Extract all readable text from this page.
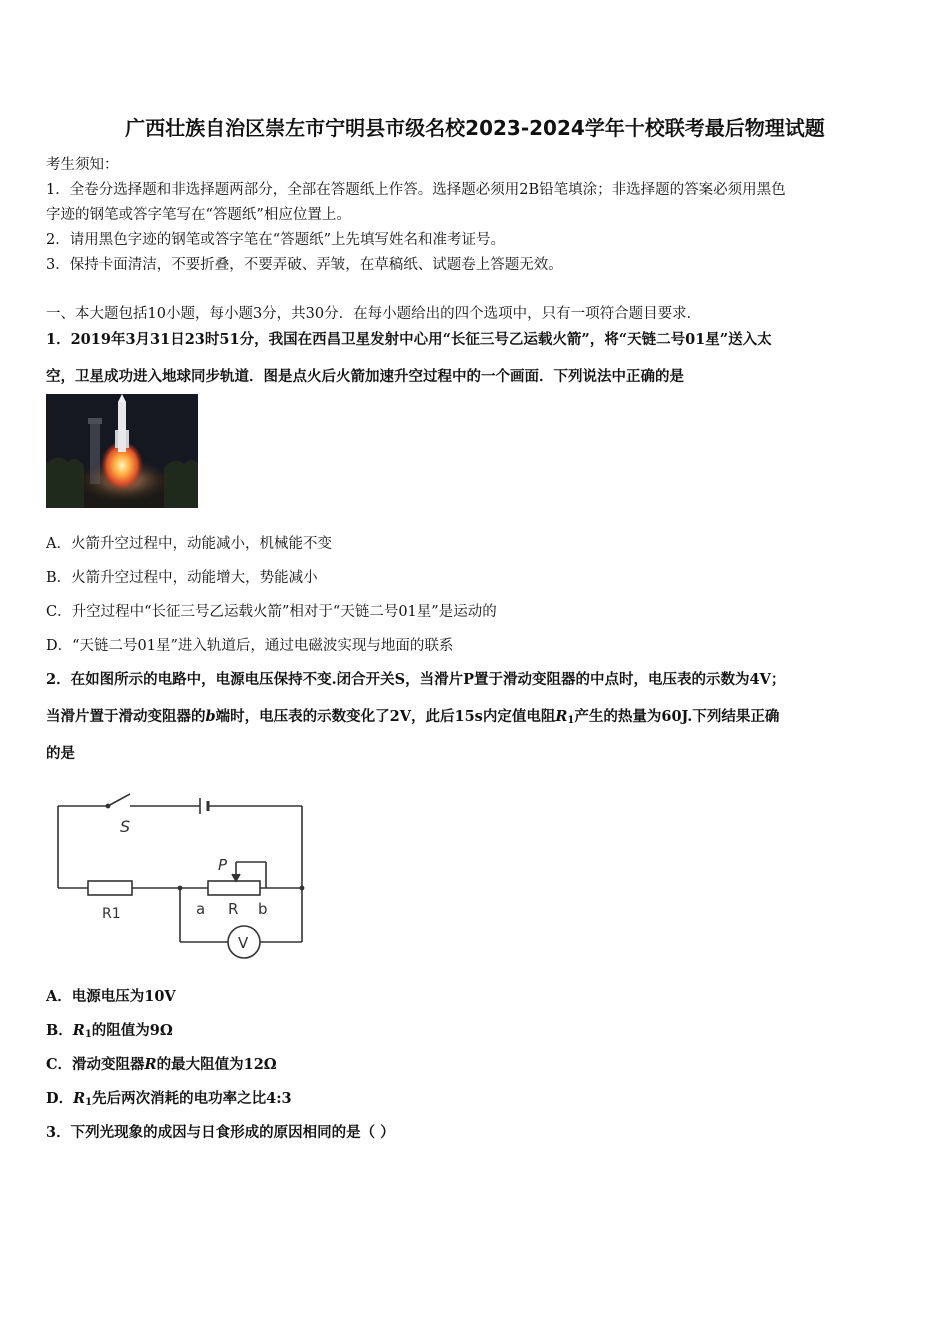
广西壮族自治区崇左市宁明县市级名校2023-2024学年十校联考最后物理试题
考生须知：
1．全卷分选择题和非选择题两部分，全部在答题纸上作答。选择题必须用2B铅笔填涂；非选择题的答案必须用黑色
字迹的钢笔或答字笔写在“答题纸”相应位置上。
2．请用黑色字迹的钢笔或答字笔在“答题纸”上先填写姓名和准考证号。
3．保持卡面清洁，不要折叠，不要弄破、弄皱，在草稿纸、试题卷上答题无效。
一、本大题包括10小题，每小题3分，共30分．在每小题给出的四个选项中，只有一项符合题目要求．
1．2019年3月31日23时51分，我国在西昌卫星发射中心用“长征三号乙运载火箭”，将“天链二号01星”送入太
空，卫星成功进入地球同步轨道．图是点火后火箭加速升空过程中的一个画面．下列说法中正确的是
A．火箭升空过程中，动能减小，机械能不变
B．火箭升空过程中，动能增大，势能减小
C．升空过程中“长征三号乙运载火箭”相对于“天链二号01星”是运动的
D．“天链二号01星”进入轨道后，通过电磁波实现与地面的联系
2．在如图所示的电路中，电源电压保持不变.闭合开关S，当滑片P置于滑动变阻器的中点时，电压表的示数为4V；
当滑片置于滑动变阻器的b端时，电压表的示数变化了2V，此后15s内定值电阻$R_1$产生的热量为60J.下列结果正确
的是
S
P
R1	a R b
V
A．电源电压为10V
B．$R_1$的阻值为9Ω
C．滑动变阻器R的最大阻值为12Ω
D．$R_1$先后两次消耗的电功率之比4:3
3．下列光现象的成因与日食形成的原因相同的是（ ）
